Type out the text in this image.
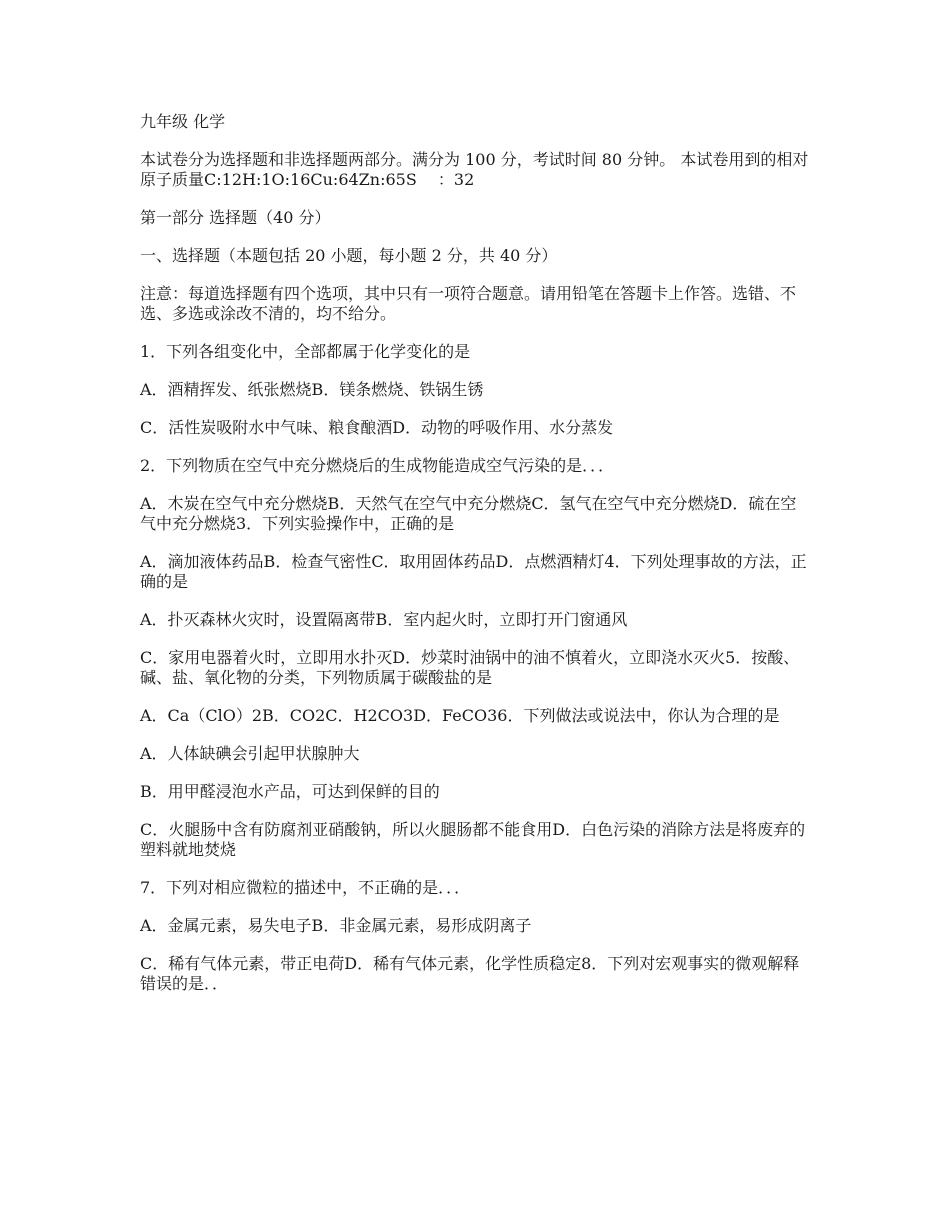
九年级 化学

本试卷分为选择题和非选择题两部分。满分为 100 分，考试时间 80 分钟。 本试卷用到的相对原子质量C:12H:1O:16Cu:64Zn:65S　 ：32

第一部分 选择题（40 分）

一、选择题（本题包括 20 小题，每小题 2 分，共 40 分）

注意：每道选择题有四个选项，其中只有一项符合题意。请用铅笔在答题卡上作答。选错、不选、多选或涂改不清的，均不给分。

1．下列各组变化中，全部都属于化学变化的是

A．酒精挥发、纸张燃烧B．镁条燃烧、铁锅生锈

C．活性炭吸附水中气味、粮食酿酒D．动物的呼吸作用、水分蒸发

2．下列物质在空气中充分燃烧后的生成物能造成空气污染的是．．．

A．木炭在空气中充分燃烧B．天然气在空气中充分燃烧C．氢气在空气中充分燃烧D．硫在空气中充分燃烧3．下列实验操作中，正确的是

A．滴加液体药品B．检查气密性C．取用固体药品D．点燃酒精灯4．下列处理事故的方法，正确的是

A．扑灭森林火灾时，设置隔离带B．室内起火时，立即打开门窗通风

C．家用电器着火时，立即用水扑灭D．炒菜时油锅中的油不慎着火，立即浇水灭火5．按酸、碱、盐、氧化物的分类，下列物质属于碳酸盐的是

A．Ca（ClO）2B．CO2C．H2CO3D．FeCO36．下列做法或说法中，你认为合理的是

A．人体缺碘会引起甲状腺肿大

B．用甲醛浸泡水产品，可达到保鲜的目的

C．火腿肠中含有防腐剂亚硝酸钠，所以火腿肠都不能食用D．白色污染的消除方法是将废弃的塑料就地焚烧

7．下列对相应微粒的描述中，不正确的是．．．

A．金属元素，易失电子B．非金属元素，易形成阴离子

C．稀有气体元素，带正电荷D．稀有气体元素，化学性质稳定8．下列对宏观事实的微观解释错误的是．．
